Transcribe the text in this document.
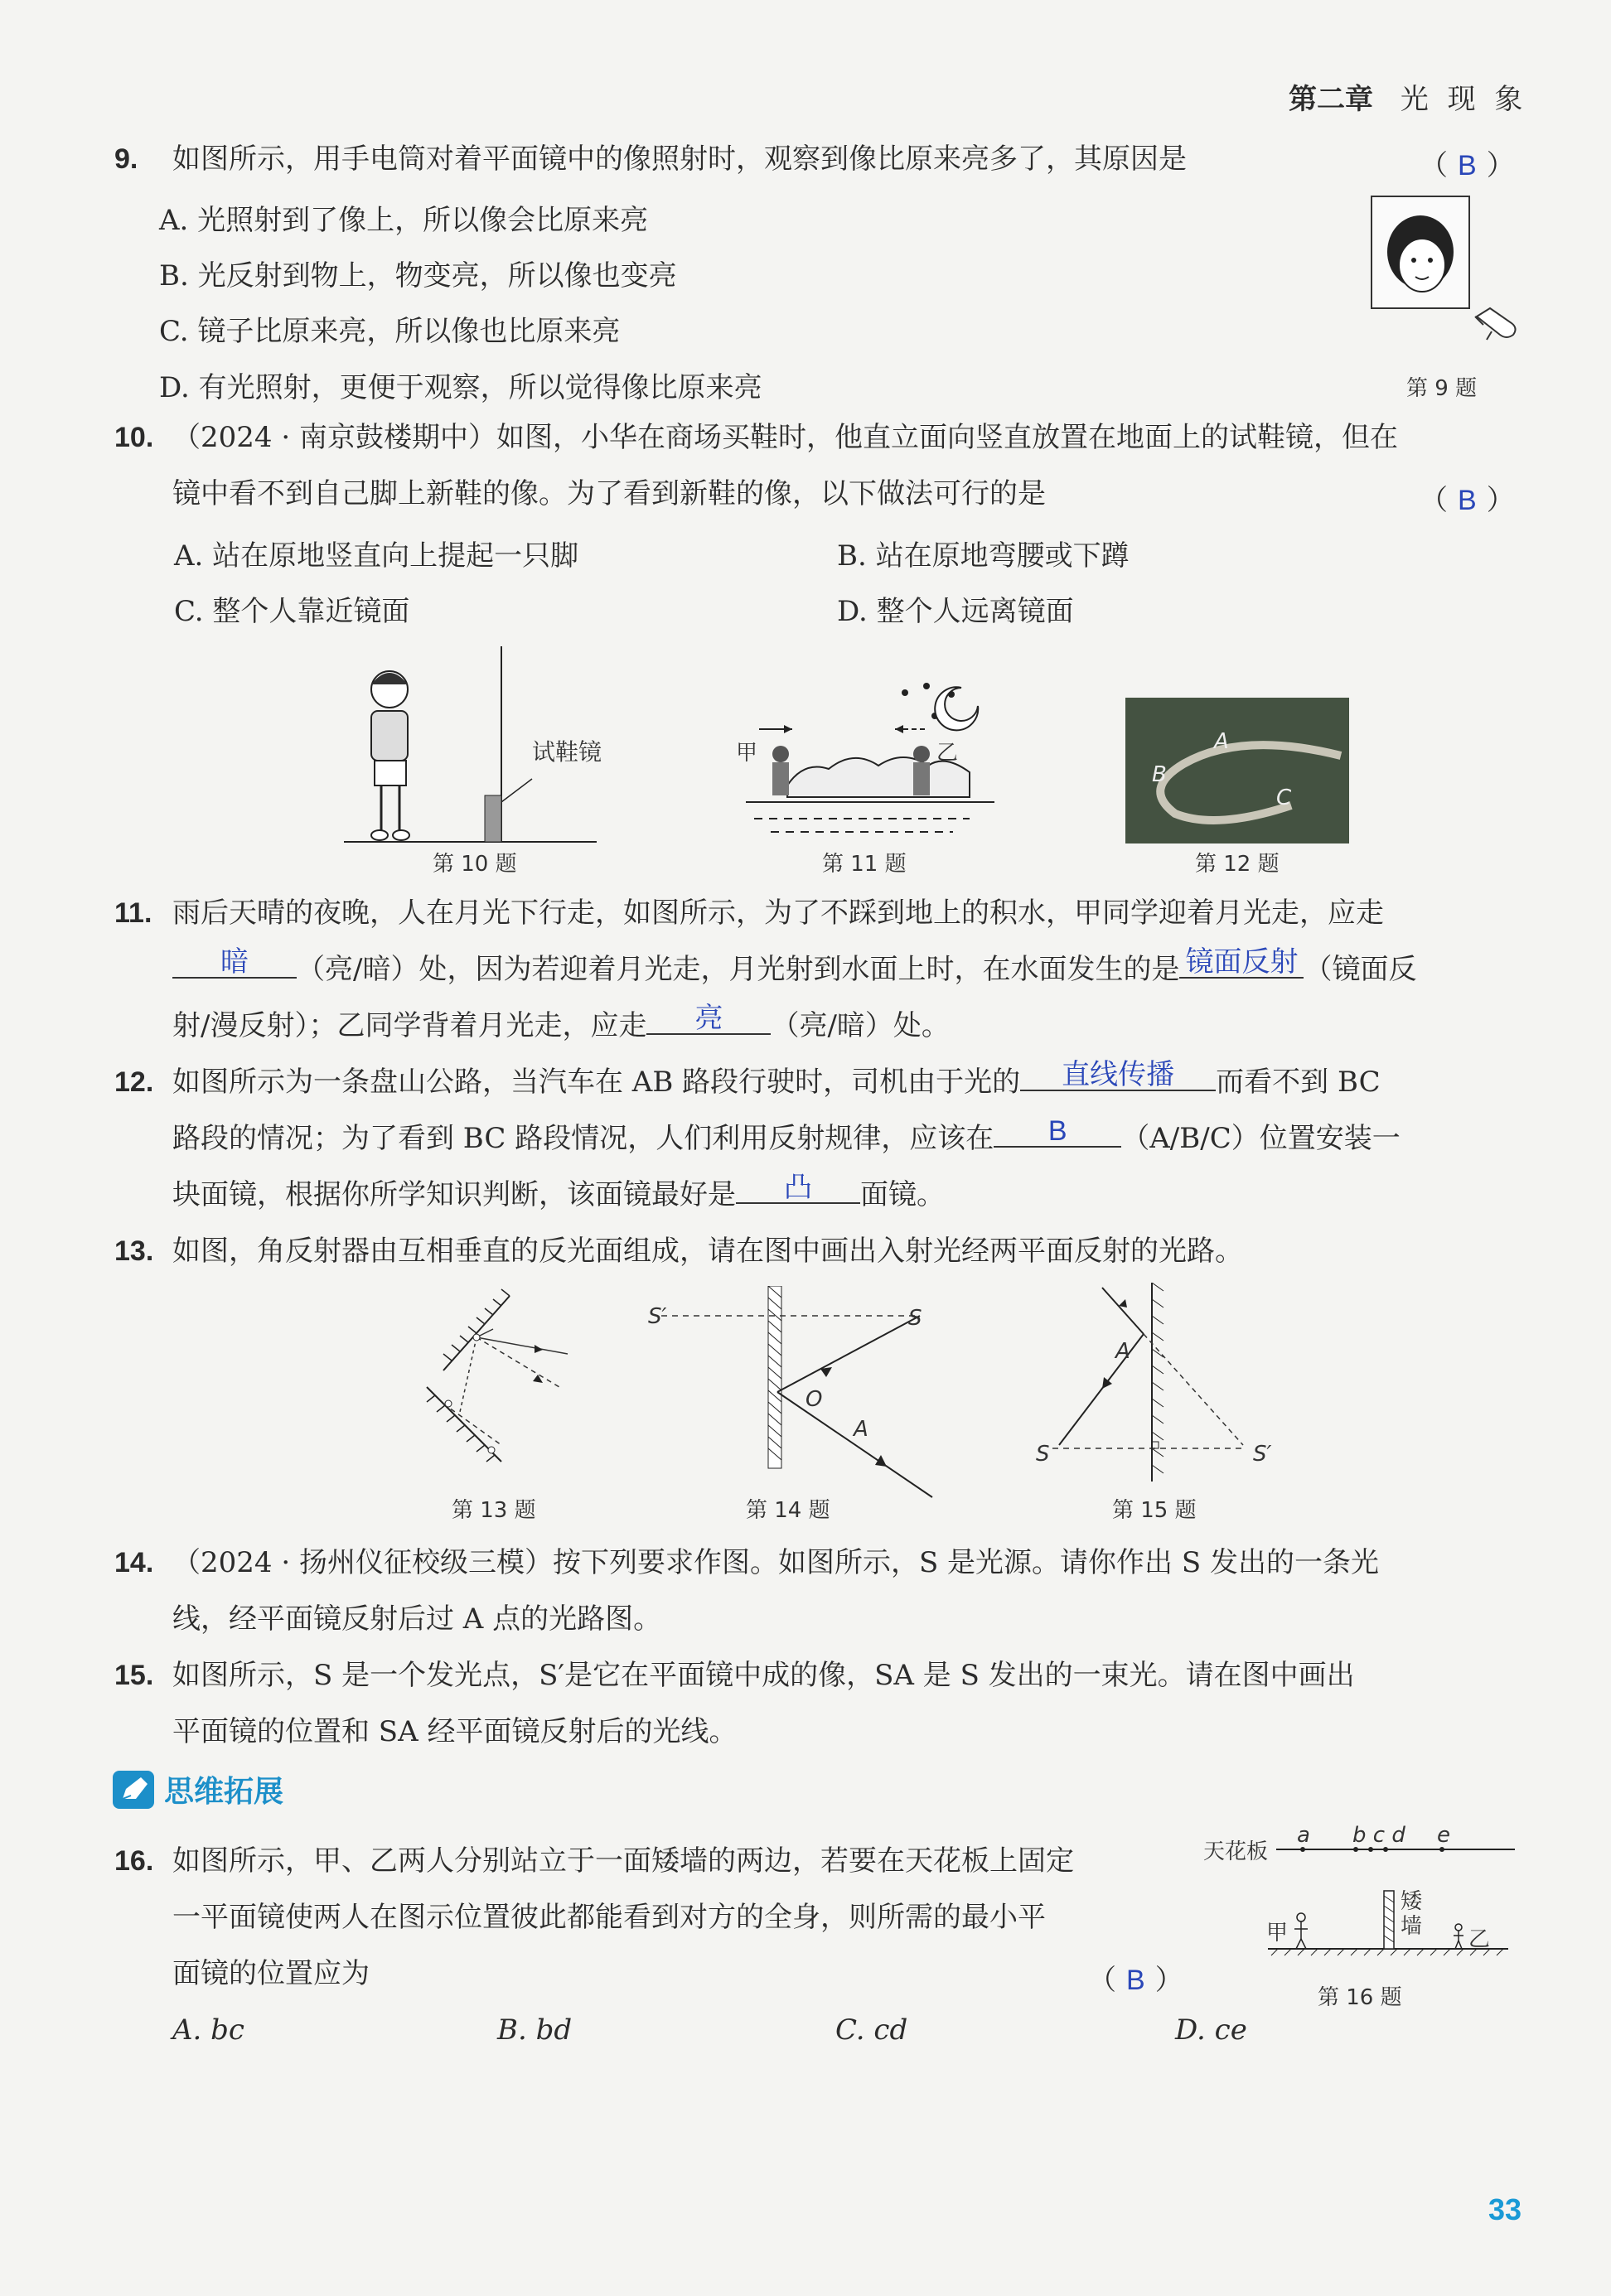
第二章 光 现 象
9. 如图所示，用手电筒对着平面镜中的像照射时，观察到像比原来亮多了，其原因是	（ B ）
A. 光照射到了像上，所以像会比原来亮
B. 光反射到物上，物变亮，所以像也变亮
C. 镜子比原来亮，所以像也比原来亮
D. 有光照射，更便于观察，所以觉得像比原来亮	第 9 题
10. （2024 · 南京鼓楼期中）如图，小华在商场买鞋时，他直立面向竖直放置在地面上的试鞋镜，但在
镜中看不到自己脚上新鞋的像。为了看到新鞋的像，以下做法可行的是	（ B ）
A. 站在原地竖直向上提起一只脚	B. 站在原地弯腰或下蹲
C. 整个人靠近镜面	D. 整个人远离镜面
试鞋镜
第 10 题
甲	乙
第 11 题
A
B
C
第 12 题
11. 雨后天晴的夜晚，人在月光下行走，如图所示，为了不踩到地上的积水，甲同学迎着月光走，应走
暗	（亮/暗）处，因为若迎着月光走，月光射到水面上时，在水面发生的是 镜面反射 （镜面反
射/漫反射）；乙同学背着月光走，应走	亮	（亮/暗）处。
12. 如图所示为一条盘山公路，当汽车在 AB 路段行驶时，司机由于光的	直线传播	而看不到 BC
路段的情况；为了看到 BC 路段情况，人们利用反射规律，应该在	B	（A/B/C）位置安装一
块面镜，根据你所学知识判断，该面镜最好是	凸	面镜。
13. 如图，角反射器由互相垂直的反光面组成，请在图中画出入射光经两平面反射的光路。
第 13 题
S′	S
O
A
第 14 题
A
S	S′
第 15 题
14. （2024 · 扬州仪征校级三模）按下列要求作图。如图所示，S 是光源。请你作出 S 发出的一条光
线，经平面镜反射后过 A 点的光路图。
15. 如图所示，S 是一个发光点，S′是它在平面镜中成的像，SA 是 S 发出的一束光。请在图中画出
平面镜的位置和 SA 经平面镜反射后的光线。
思维拓展
16. 如图所示，甲、乙两人分别站立于一面矮墙的两边，若要在天花板上固定
一平面镜使两人在图示位置彼此都能看到对方的全身，则所需的最小平
面镜的位置应为	（ B ）
A. bc	B. bd	C. cd	D. ce
天花板
a b c d e
矮墙
甲	乙
第 16 题
33
